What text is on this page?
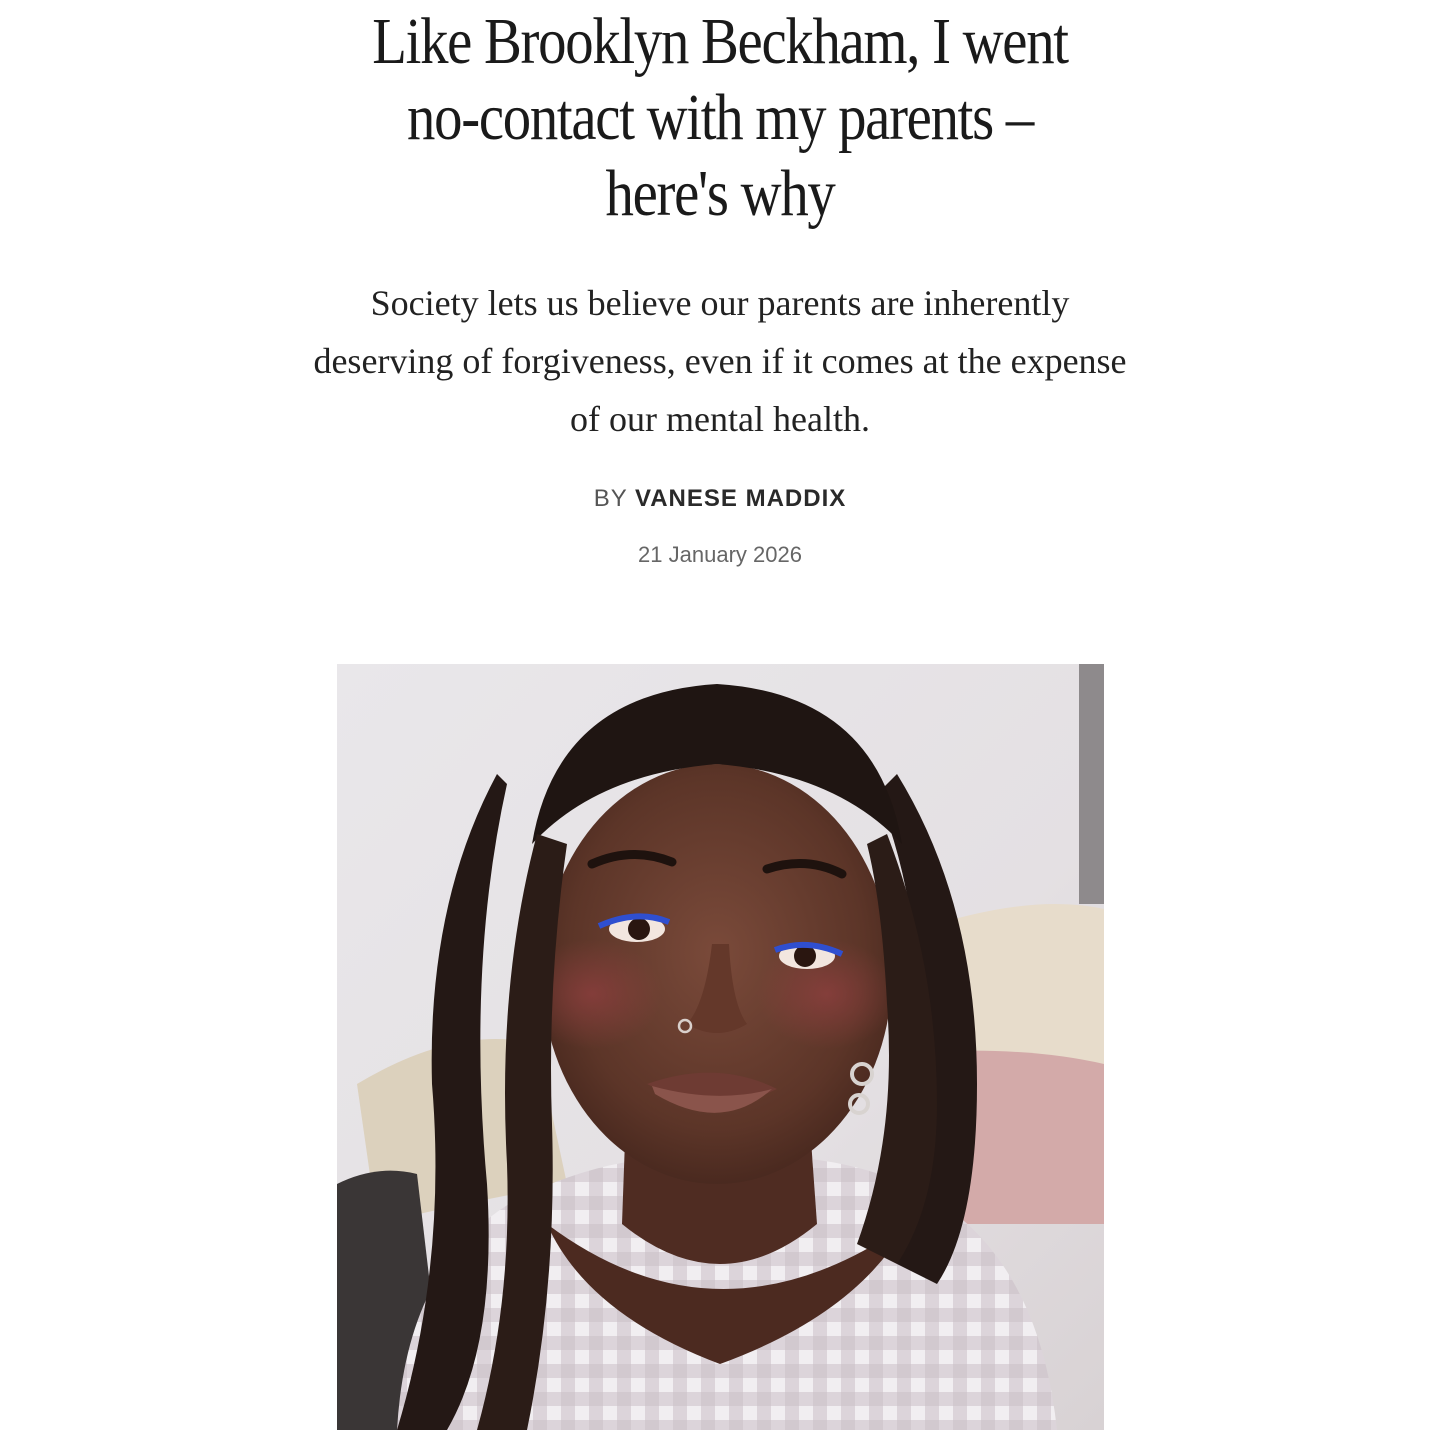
Like Brooklyn Beckham, I went no-contact with my parents – here's why

Society lets us believe our parents are inherently deserving of forgiveness, even if it comes at the expense of our mental health.

BY VANESE MADDIX
21 January 2026
